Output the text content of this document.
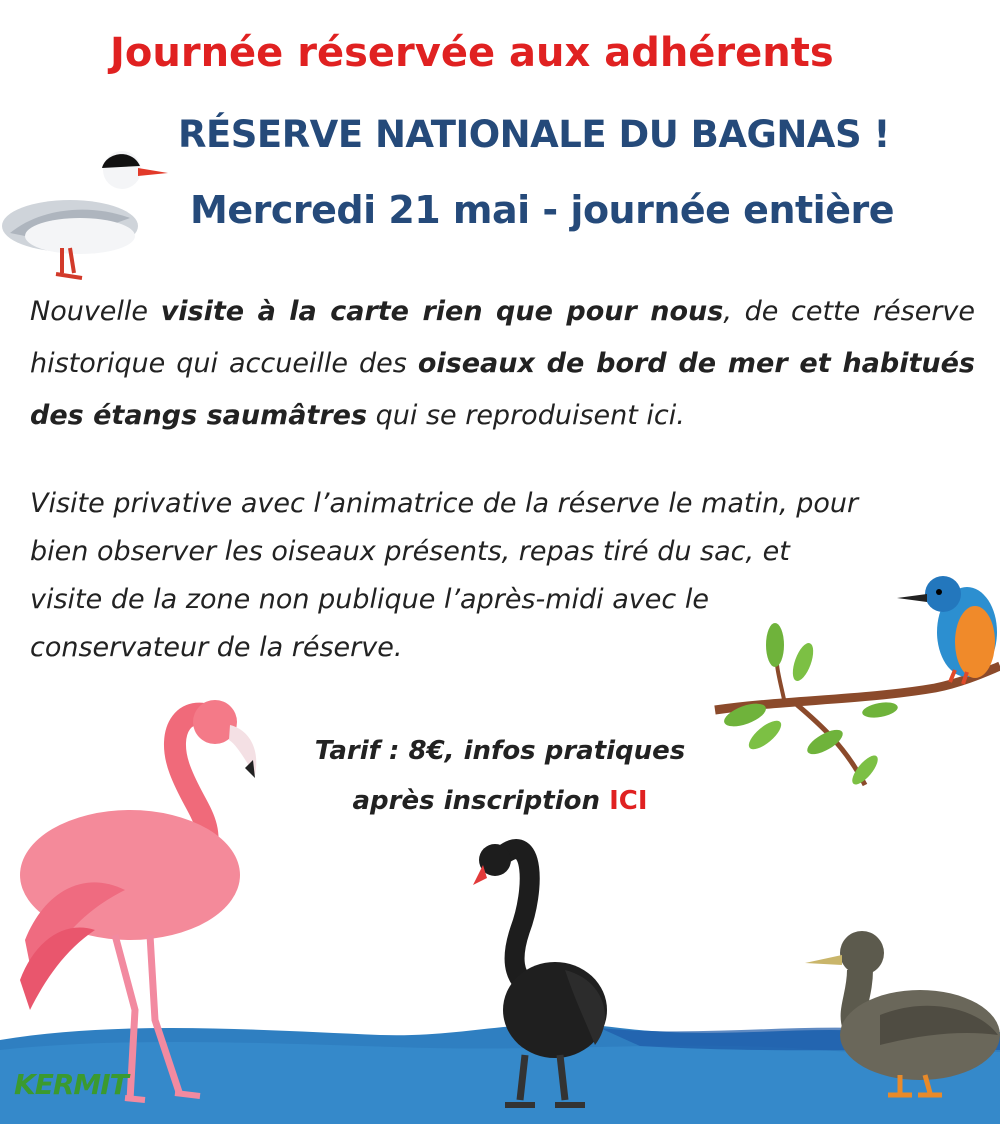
Journée réservée aux adhérents
RÉSERVE NATIONALE DU BAGNAS !
Mercredi 21 mai - journée entière
Nouvelle visite à la carte rien que pour nous, de cette réserve historique qui accueille des oiseaux de bord de mer et habitués des étangs saumâtres qui se reproduisent ici.
Visite privative avec l’animatrice de la réserve le matin, pour
bien observer les oiseaux présents, repas tiré du sac, et
visite de la zone non publique l’après-midi avec le
conservateur de la réserve.
Tarif : 8€, infos pratiques
après inscription ICI
KERMIT
